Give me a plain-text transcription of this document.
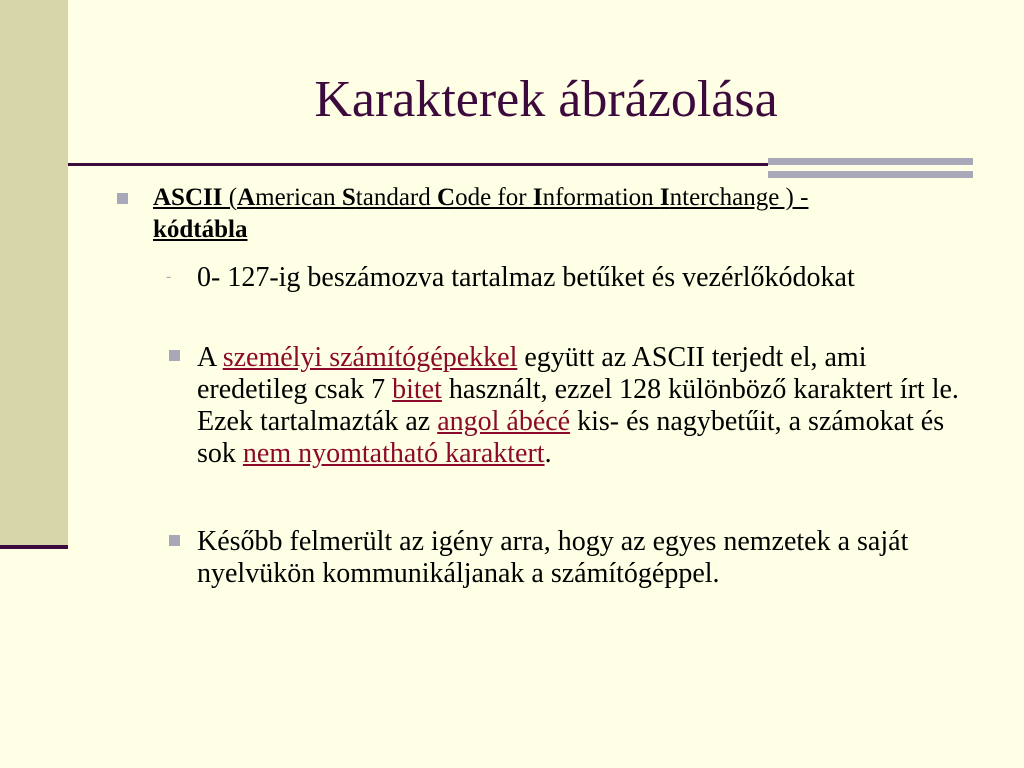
Karakterek ábrázolása
ASCII (American Standard Code for Information Interchange ) - kódtábla
- 0- 127-ig beszámozva tartalmaz betűket és vezérlőkódokat
A személyi számítógépekkel együtt az ASCII terjedt el, ami eredetileg csak 7 bitet használt, ezzel 128 különböző karaktert írt le. Ezek tartalmazták az angol ábécé kis- és nagybetűit, a számokat és sok nem nyomtatható karaktert.
Később felmerült az igény arra, hogy az egyes nemzetek a saját nyelvükön kommunikáljanak a számítógéppel.
